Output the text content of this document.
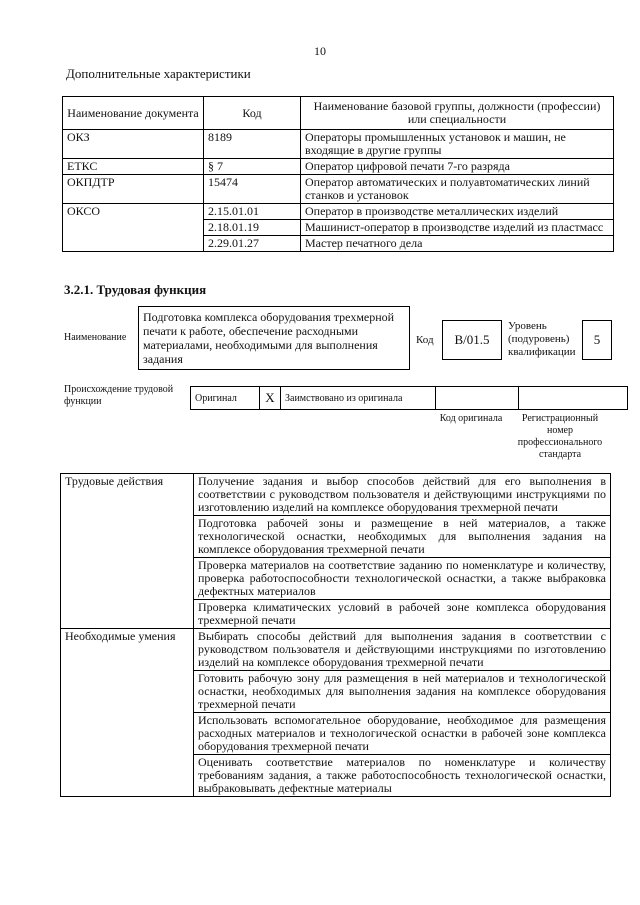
10
Дополнительные характеристики
Наименование документа	Код	Наименование базовой группы, должности (профессии) или специальности
ОКЗ	8189	Операторы промышленных установок и машин, не входящие в другие группы
ЕТКС	§ 7	Оператор цифровой печати 7-го разряда
ОКПДТР	15474	Оператор автоматических и полуавтоматических линий станков и установок
ОКСО	2.15.01.01	Оператор в производстве металлических изделий
	2.18.01.19	Машинист-оператор в производстве изделий из пластмасс
	2.29.01.27	Мастер печатного дела
3.2.1. Трудовая функция
Наименование
Подготовка комплекса оборудования трехмерной печати к работе, обеспечение расходными материалами, необходимыми для выполнения задания
Код	B/01.5
Уровень (подуровень) квалификации
5
Происхождение трудовой функции	Оригинал	X	Заимствовано из оригинала		
Код оригинала	Регистрационный номер профессионального стандарта
Трудовые действия	Получение задания и выбор способов действий для его выполнения в соответствии с руководством пользователя и действующими инструкциями по изготовлению изделий на комплексе оборудования трехмерной печати
	Подготовка рабочей зоны и размещение в ней материалов, а также технологической оснастки, необходимых для выполнения задания на комплексе оборудования трехмерной печати
	Проверка материалов на соответствие заданию по номенклатуре и количеству, проверка работоспособности технологической оснастки, а также выбраковка дефектных материалов
	Проверка климатических условий в рабочей зоне комплекса оборудования трехмерной печати
Необходимые умения	Выбирать способы действий для выполнения задания в соответствии с руководством пользователя и действующими инструкциями по изготовлению изделий на комплексе оборудования трехмерной печати
	Готовить рабочую зону для размещения в ней материалов и технологической оснастки, необходимых для выполнения задания на комплексе оборудования трехмерной печати
	Использовать вспомогательное оборудование, необходимое для размещения расходных материалов и технологической оснастки в рабочей зоне комплекса оборудования трехмерной печати
	Оценивать соответствие материалов по номенклатуре и количеству требованиям задания, а также работоспособность технологической оснастки, выбраковывать дефектные материалы
